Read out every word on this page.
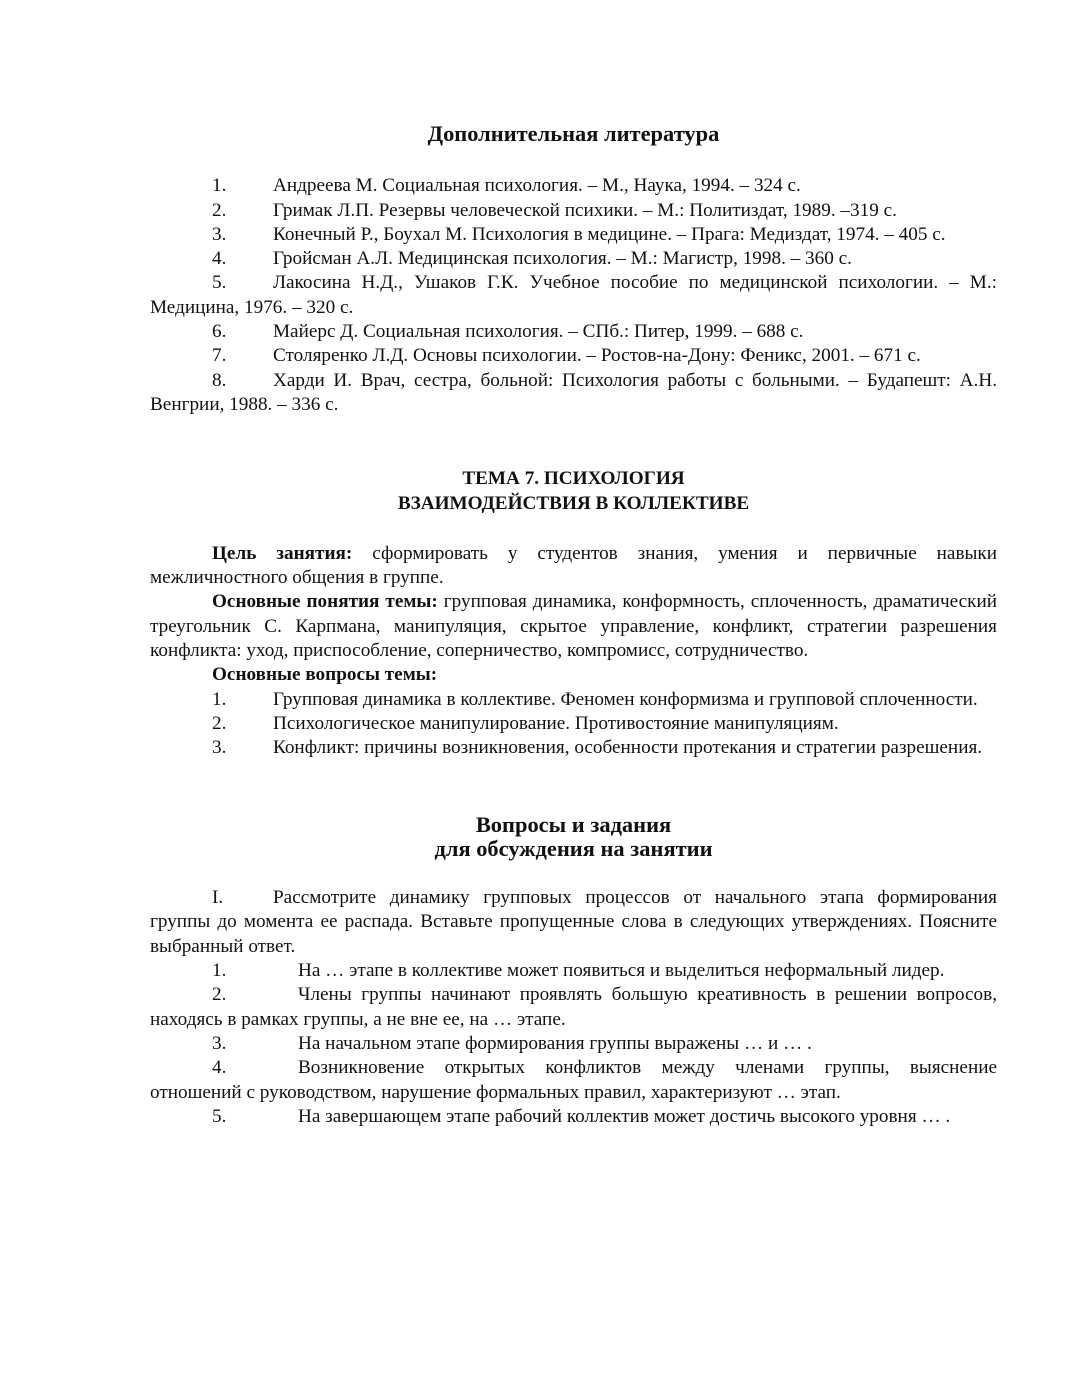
Дополнительная литература

1. Андреева М. Социальная психология. – М., Наука, 1994. – 324 с.

2. Гримак Л.П. Резервы человеческой психики. – М.: Политиздат, 1989. –319 с.

3. Конечный Р., Боухал М. Психология в медицине. – Прага: Медиздат, 1974. – 405 с.

4. Гройсман А.Л. Медицинская психология. – М.: Магистр, 1998. – 360 с.

5. Лакосина Н.Д., Ушаков Г.К. Учебное пособие по медицинской психологии. – М.: Медицина, 1976. – 320 с.

6. Майерс Д. Социальная психология. – СПб.: Питер, 1999. – 688 с.

7. Столяренко Л.Д. Основы психологии. – Ростов-на-Дону: Феникс, 2001. – 671 с.

8. Харди И. Врач, сестра, больной: Психология работы с больными. – Будапешт: А.Н. Венгрии, 1988. – 336 с.

ТЕМА 7. ПСИХОЛОГИЯ
ВЗАИМОДЕЙСТВИЯ В КОЛЛЕКТИВЕ

Цель занятия: сформировать у студентов знания, умения и первичные навыки межличностного общения в группе.

Основные понятия темы: групповая динамика, конформность, сплоченность, драматический треугольник С. Карпмана, манипуляция, скрытое управление, конфликт, стратегии разрешения конфликта: уход, приспособление, соперничество, компромисс, сотрудничество.

Основные вопросы темы:

1. Групповая динамика в коллективе. Феномен конформизма и групповой сплоченности.

2. Психологическое манипулирование. Противостояние манипуляциям.

3. Конфликт: причины возникновения, особенности протекания и стратегии разрешения.

Вопросы и задания
для обсуждения на занятии

I.	Рассмотрите динамику групповых процессов от начального этапа формирования группы до момента ее распада. Вставьте пропущенные слова в следующих утверждениях. Поясните выбранный ответ.

1.	На … этапе в коллективе может появиться и выделиться неформальный лидер.

2.	Члены группы начинают проявлять большую креативность в решении вопросов, находясь в рамках группы, а не вне ее, на … этапе.

3.	На начальном этапе формирования группы выражены … и … .

4.	Возникновение открытых конфликтов между членами группы, выяснение отношений с руководством, нарушение формальных правил, характеризуют … этап.

5.	На завершающем этапе рабочий коллектив может достичь высокого уровня … .
